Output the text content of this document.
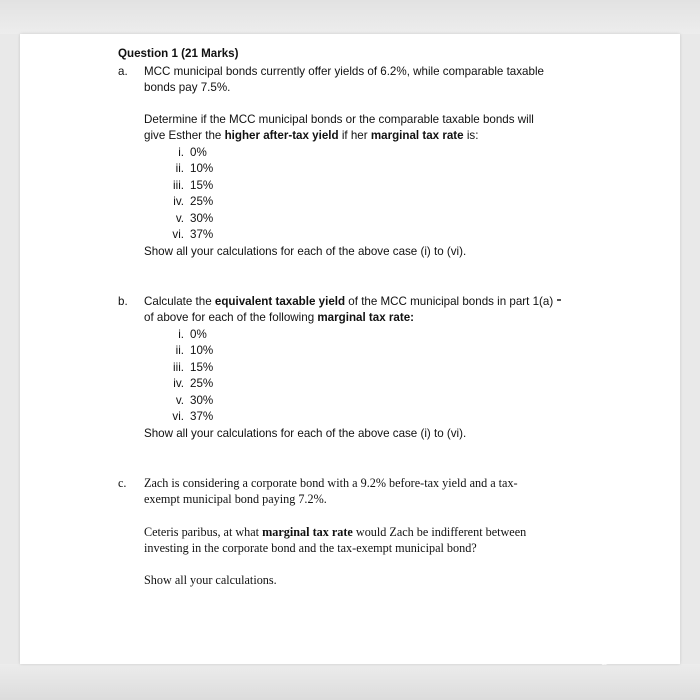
Question 1 (21 Marks)
a. MCC municipal bonds currently offer yields of 6.2%, while comparable taxable
bonds pay 7.5%.
Determine if the MCC municipal bonds or the comparable taxable bonds will
give Esther the higher after-tax yield if her marginal tax rate is:
i. 0%
ii. 10%
iii. 15%
iv. 25%
v. 30%
vi. 37%
Show all your calculations for each of the above case (i) to (vi).
b. Calculate the equivalent taxable yield of the MCC municipal bonds in part 1(a)
of above for each of the following marginal tax rate:
i. 0%
ii. 10%
iii. 15%
iv. 25%
v. 30%
vi. 37%
Show all your calculations for each of the above case (i) to (vi).
c. Zach is considering a corporate bond with a 9.2% before-tax yield and a tax-
exempt municipal bond paying 7.2%.
Ceteris paribus, at what marginal tax rate would Zach be indifferent between
investing in the corporate bond and the tax-exempt municipal bond?
Show all your calculations.
Photogrid
